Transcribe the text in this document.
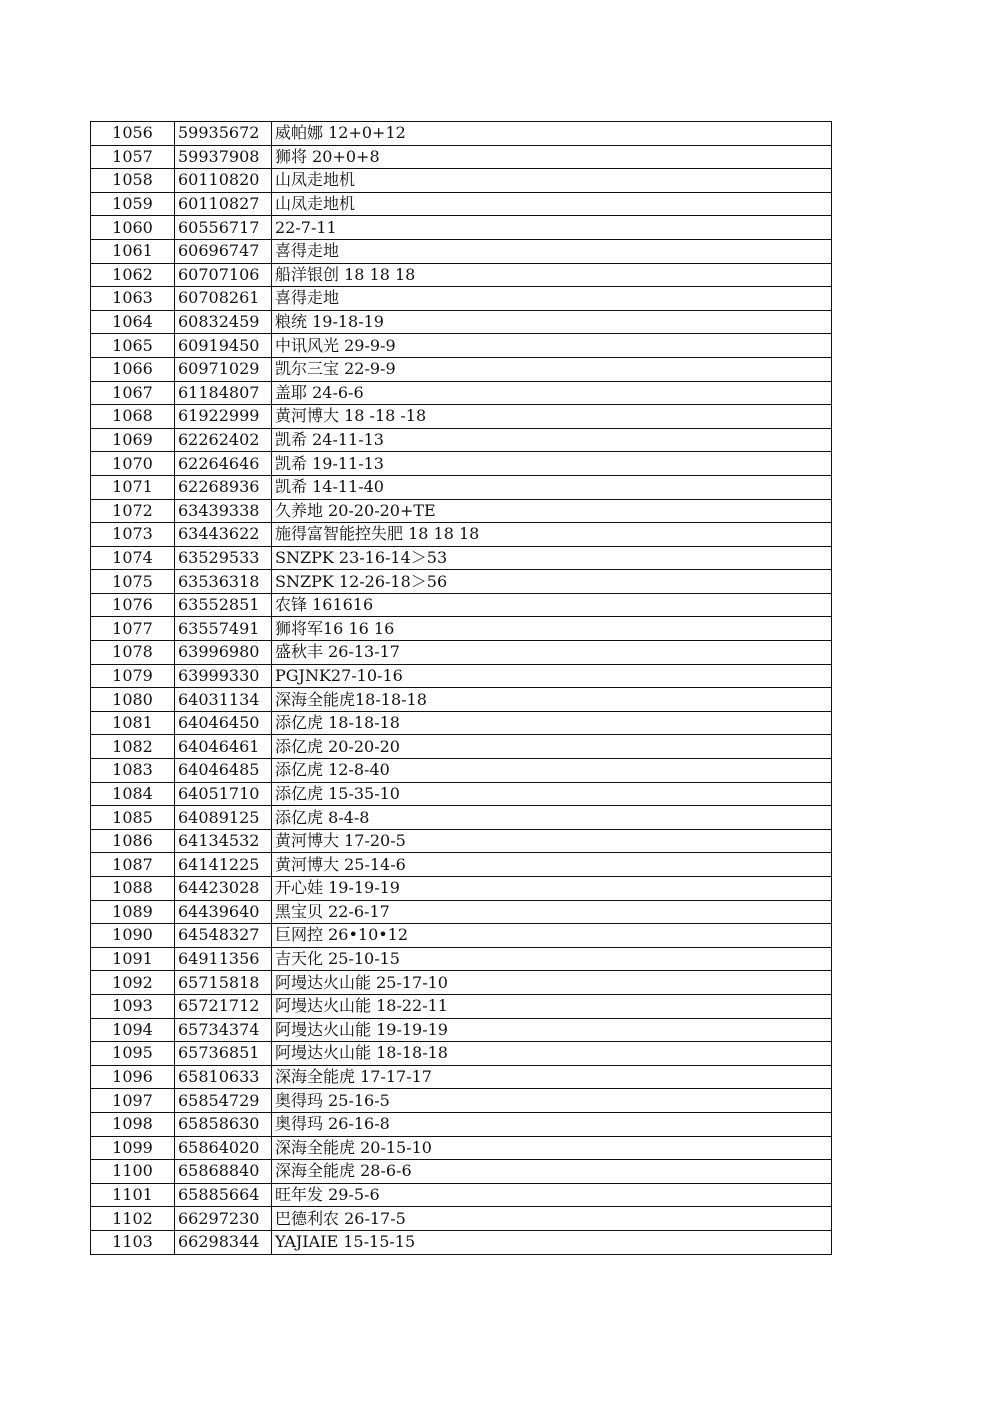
1056	59935672	威帕娜 12+0+12
1057	59937908	狮将 20+0+8
1058	60110820	山凤走地机
1059	60110827	山凤走地机
1060	60556717	22-7-11
1061	60696747	喜得走地
1062	60707106	船洋银创 18 18 18
1063	60708261	喜得走地
1064	60832459	粮统 19-18-19
1065	60919450	中讯风光 29-9-9
1066	60971029	凯尔三宝 22-9-9
1067	61184807	盖耶 24-6-6
1068	61922999	黄河博大 18 -18 -18
1069	62262402	凯希 24-11-13
1070	62264646	凯希 19-11-13
1071	62268936	凯希 14-11-40
1072	63439338	久养地 20-20-20+TE
1073	63443622	施得富智能控失肥 18 18 18
1074	63529533	SNZPK 23-16-14＞53
1075	63536318	SNZPK 12-26-18＞56
1076	63552851	农锋 161616
1077	63557491	狮将军16 16 16
1078	63996980	盛秋丰 26-13-17
1079	63999330	PGJNK27-10-16
1080	64031134	深海全能虎18-18-18
1081	64046450	添亿虎 18-18-18
1082	64046461	添亿虎 20-20-20
1083	64046485	添亿虎 12-8-40
1084	64051710	添亿虎 15-35-10
1085	64089125	添亿虎 8-4-8
1086	64134532	黄河博大 17-20-5
1087	64141225	黄河博大 25-14-6
1088	64423028	开心娃 19-19-19
1089	64439640	黑宝贝 22-6-17
1090	64548327	巨网控 26•10•12
1091	64911356	吉天化 25-10-15
1092	65715818	阿墁达火山能 25-17-10
1093	65721712	阿墁达火山能 18-22-11
1094	65734374	阿墁达火山能 19-19-19
1095	65736851	阿墁达火山能 18-18-18
1096	65810633	深海全能虎 17-17-17
1097	65854729	奥得玛 25-16-5
1098	65858630	奥得玛 26-16-8
1099	65864020	深海全能虎 20-15-10
1100	65868840	深海全能虎 28-6-6
1101	65885664	旺年发 29-5-6
1102	66297230	巴德利农 26-17-5
1103	66298344	YAJIAIE 15-15-15
